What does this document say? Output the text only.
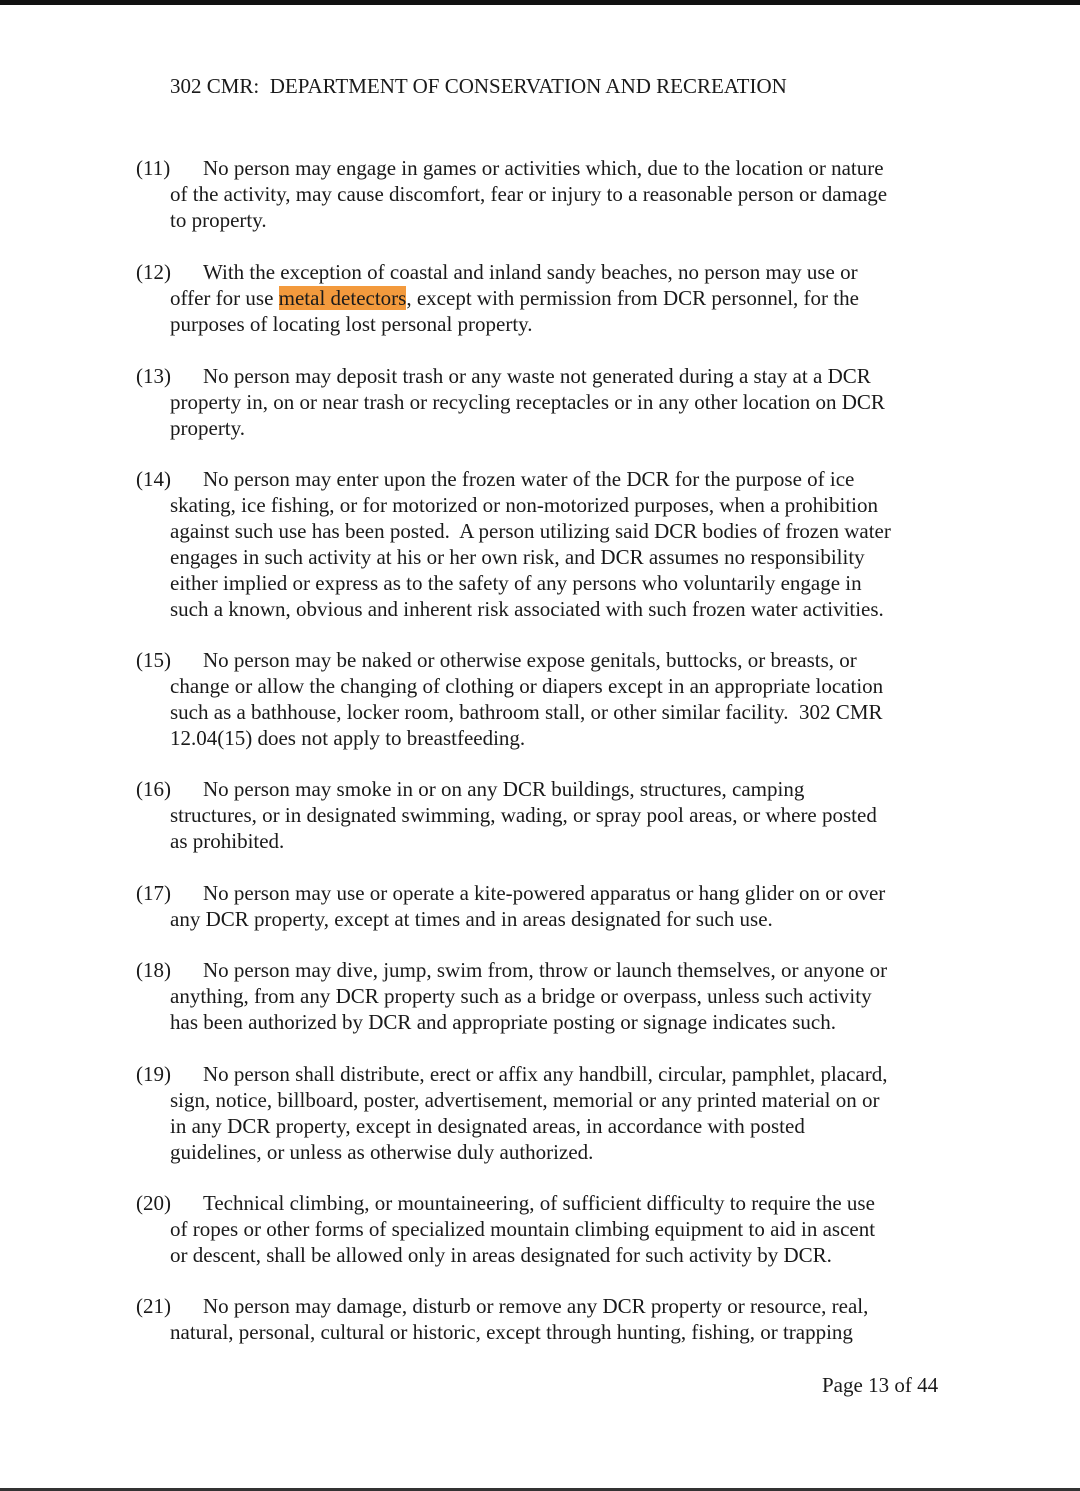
302 CMR:  DEPARTMENT OF CONSERVATION AND RECREATION
(11) No person may engage in games or activities which, due to the location or nature
of the activity, may cause discomfort, fear or injury to a reasonable person or damage
to property.
(12) With the exception of coastal and inland sandy beaches, no person may use or
offer for use metal detectors, except with permission from DCR personnel, for the
purposes of locating lost personal property.
(13) No person may deposit trash or any waste not generated during a stay at a DCR
property in, on or near trash or recycling receptacles or in any other location on DCR
property.
(14) No person may enter upon the frozen water of the DCR for the purpose of ice
skating, ice fishing, or for motorized or non-motorized purposes, when a prohibition
against such use has been posted.  A person utilizing said DCR bodies of frozen water
engages in such activity at his or her own risk, and DCR assumes no responsibility
either implied or express as to the safety of any persons who voluntarily engage in
such a known, obvious and inherent risk associated with such frozen water activities.
(15) No person may be naked or otherwise expose genitals, buttocks, or breasts, or
change or allow the changing of clothing or diapers except in an appropriate location
such as a bathhouse, locker room, bathroom stall, or other similar facility.  302 CMR
12.04(15) does not apply to breastfeeding.
(16) No person may smoke in or on any DCR buildings, structures, camping
structures, or in designated swimming, wading, or spray pool areas, or where posted
as prohibited.
(17) No person may use or operate a kite-powered apparatus or hang glider on or over
any DCR property, except at times and in areas designated for such use.
(18) No person may dive, jump, swim from, throw or launch themselves, or anyone or
anything, from any DCR property such as a bridge or overpass, unless such activity
has been authorized by DCR and appropriate posting or signage indicates such.
(19) No person shall distribute, erect or affix any handbill, circular, pamphlet, placard,
sign, notice, billboard, poster, advertisement, memorial or any printed material on or
in any DCR property, except in designated areas, in accordance with posted
guidelines, or unless as otherwise duly authorized.
(20) Technical climbing, or mountaineering, of sufficient difficulty to require the use
of ropes or other forms of specialized mountain climbing equipment to aid in ascent
or descent, shall be allowed only in areas designated for such activity by DCR.
(21) No person may damage, disturb or remove any DCR property or resource, real,
natural, personal, cultural or historic, except through hunting, fishing, or trapping
Page 13 of 44
